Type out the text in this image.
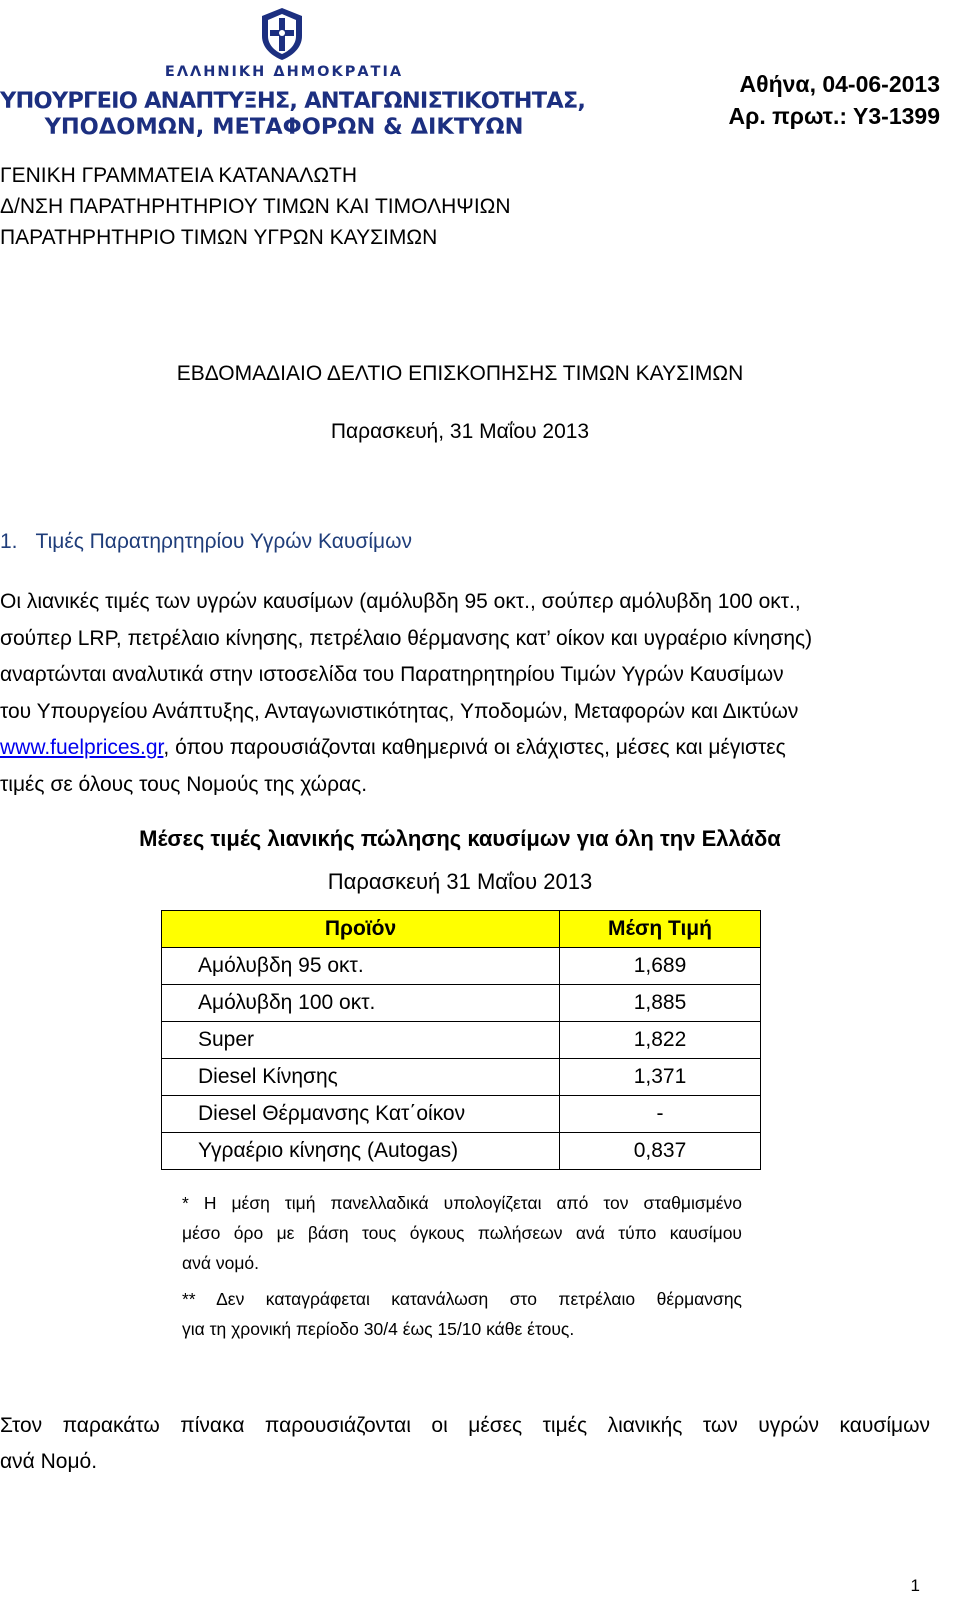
ΕΛΛΗΝΙΚΗ ΔΗΜΟΚΡΑΤΙΑ
ΥΠΟΥΡΓΕΙΟ ΑΝΑΠΤΥΞΗΣ, ΑΝΤΑΓΩΝΙΣΤΙΚΟΤΗΤΑΣ,
ΥΠΟΔΟΜΩΝ, ΜΕΤΑΦΟΡΩΝ & ΔΙΚΤΥΩΝ
Αθήνα, 04-06-2013
Αρ. πρωτ.: Υ3-1399
ΓΕΝΙΚΗ ΓΡΑΜΜΑΤΕΙΑ ΚΑΤΑΝΑΛΩΤΗ
Δ/ΝΣΗ ΠΑΡΑΤΗΡΗΤΗΡΙΟΥ ΤΙΜΩΝ ΚΑΙ ΤΙΜΟΛΗΨΙΩΝ
ΠΑΡΑΤΗΡΗΤΗΡΙΟ ΤΙΜΩΝ ΥΓΡΩΝ ΚΑΥΣΙΜΩΝ
ΕΒΔΟΜΑΔΙΑΙΟ ΔΕΛΤΙΟ ΕΠΙΣΚΟΠΗΣΗΣ ΤΙΜΩΝ ΚΑΥΣΙΜΩΝ
Παρασκευή, 31 Μαΐου 2013
1. Τιμές Παρατηρητηρίου Υγρών Καυσίμων
Οι λιανικές τιμές των υγρών καυσίμων (αμόλυβδη 95 οκτ., σούπερ αμόλυβδη 100 οκτ.,
σούπερ LRP, πετρέλαιο κίνησης, πετρέλαιο θέρμανσης κατ’ οίκον και υγραέριο κίνησης)
αναρτώνται αναλυτικά στην ιστοσελίδα του Παρατηρητηρίου Τιμών Υγρών Καυσίμων
του Υπουργείου Ανάπτυξης, Ανταγωνιστικότητας, Υποδομών, Μεταφορών και Δικτύων
www.fuelprices.gr, όπου παρουσιάζονται καθημερινά οι ελάχιστες, μέσες και μέγιστες
τιμές σε όλους τους Νομούς της χώρας.
Μέσες τιμές λιανικής πώλησης καυσίμων για όλη την Ελλάδα
Παρασκευή 31 Μαΐου 2013
Προϊόν	Μέση Τιμή
Αμόλυβδη 95 οκτ.	1,689
Αμόλυβδη 100 οκτ.	1,885
Super	1,822
Diesel Κίνησης	1,371
Diesel Θέρμανσης Κατ΄οίκον	-
Υγραέριο κίνησης (Autogas)	0,837
* Η μέση τιμή πανελλαδικά υπολογίζεται από τον σταθμισμένο
μέσο όρο με βάση τους όγκους πωλήσεων ανά τύπο καυσίμου
ανά νομό.
** Δεν καταγράφεται κατανάλωση στο πετρέλαιο θέρμανσης
για τη χρονική περίοδο 30/4 έως 15/10 κάθε έτους.
Στον παρακάτω πίνακα παρουσιάζονται οι μέσες τιμές λιανικής των υγρών καυσίμων
ανά Νομό.
1
